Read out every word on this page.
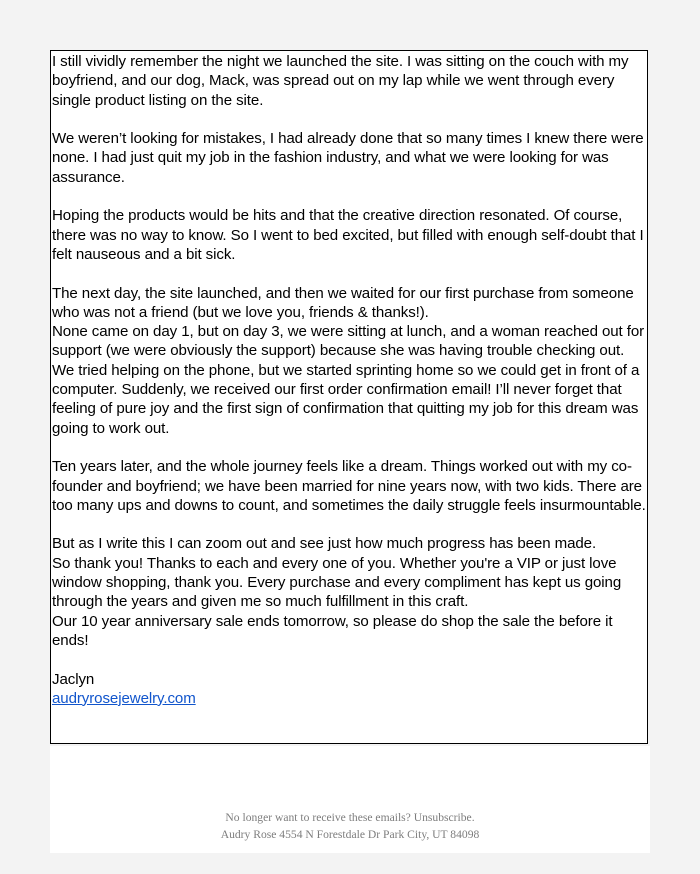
I still vividly remember the night we launched the site. I was sitting on the couch with my boyfriend, and our dog, Mack, was spread out on my lap while we went through every single product listing on the site.

We weren’t looking for mistakes, I had already done that so many times I knew there were none. I had just quit my job in the fashion industry, and what we were looking for was assurance.

Hoping the products would be hits and that the creative direction resonated. Of course, there was no way to know. So I went to bed excited, but filled with enough self-doubt that I felt nauseous and a bit sick.

The next day, the site launched, and then we waited for our first purchase from someone who was not a friend (but we love you, friends & thanks!).

None came on day 1, but on day 3, we were sitting at lunch, and a woman reached out for support (we were obviously the support) because she was having trouble checking out. We tried helping on the phone, but we started sprinting home so we could get in front of a computer. Suddenly, we received our first order confirmation email! I’ll never forget that feeling of pure joy and the first sign of confirmation that quitting my job for this dream was going to work out.

Ten years later, and the whole journey feels like a dream. Things worked out with my co-founder and boyfriend; we have been married for nine years now, with two kids. There are too many ups and downs to count, and sometimes the daily struggle feels insurmountable.

But as I write this I can zoom out and see just how much progress has been made.

So thank you! Thanks to each and every one of you. Whether you're a VIP or just love window shopping, thank you. Every purchase and every compliment has kept us going through the years and given me so much fulfillment in this craft.

Our 10 year anniversary sale ends tomorrow, so please do shop the sale the before it ends!

Jaclyn

audryrosejewelry.com

No longer want to receive these emails? Unsubscribe.
Audry Rose 4554 N Forestdale Dr Park City, UT 84098
